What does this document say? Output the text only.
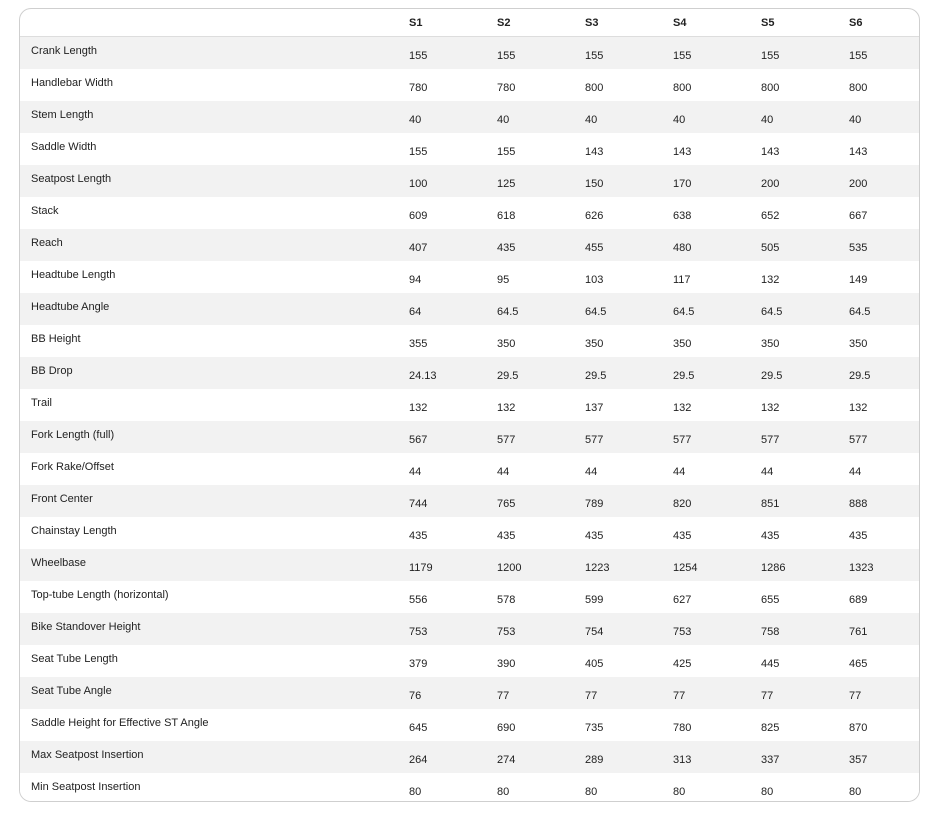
	S1	S2	S3	S4	S5	S6
Crank Length	155	155	155	155	155	155
Handlebar Width	780	780	800	800	800	800
Stem Length	40	40	40	40	40	40
Saddle Width	155	155	143	143	143	143
Seatpost Length	100	125	150	170	200	200
Stack	609	618	626	638	652	667
Reach	407	435	455	480	505	535
Headtube Length	94	95	103	117	132	149
Headtube Angle	64	64.5	64.5	64.5	64.5	64.5
BB Height	355	350	350	350	350	350
BB Drop	24.13	29.5	29.5	29.5	29.5	29.5
Trail	132	132	137	132	132	132
Fork Length (full)	567	577	577	577	577	577
Fork Rake/Offset	44	44	44	44	44	44
Front Center	744	765	789	820	851	888
Chainstay Length	435	435	435	435	435	435
Wheelbase	1179	1200	1223	1254	1286	1323
Top-tube Length (horizontal)	556	578	599	627	655	689
Bike Standover Height	753	753	754	753	758	761
Seat Tube Length	379	390	405	425	445	465
Seat Tube Angle	76	77	77	77	77	77
Saddle Height for Effective ST Angle	645	690	735	780	825	870
Max Seatpost Insertion	264	274	289	313	337	357
Min Seatpost Insertion	80	80	80	80	80	80
